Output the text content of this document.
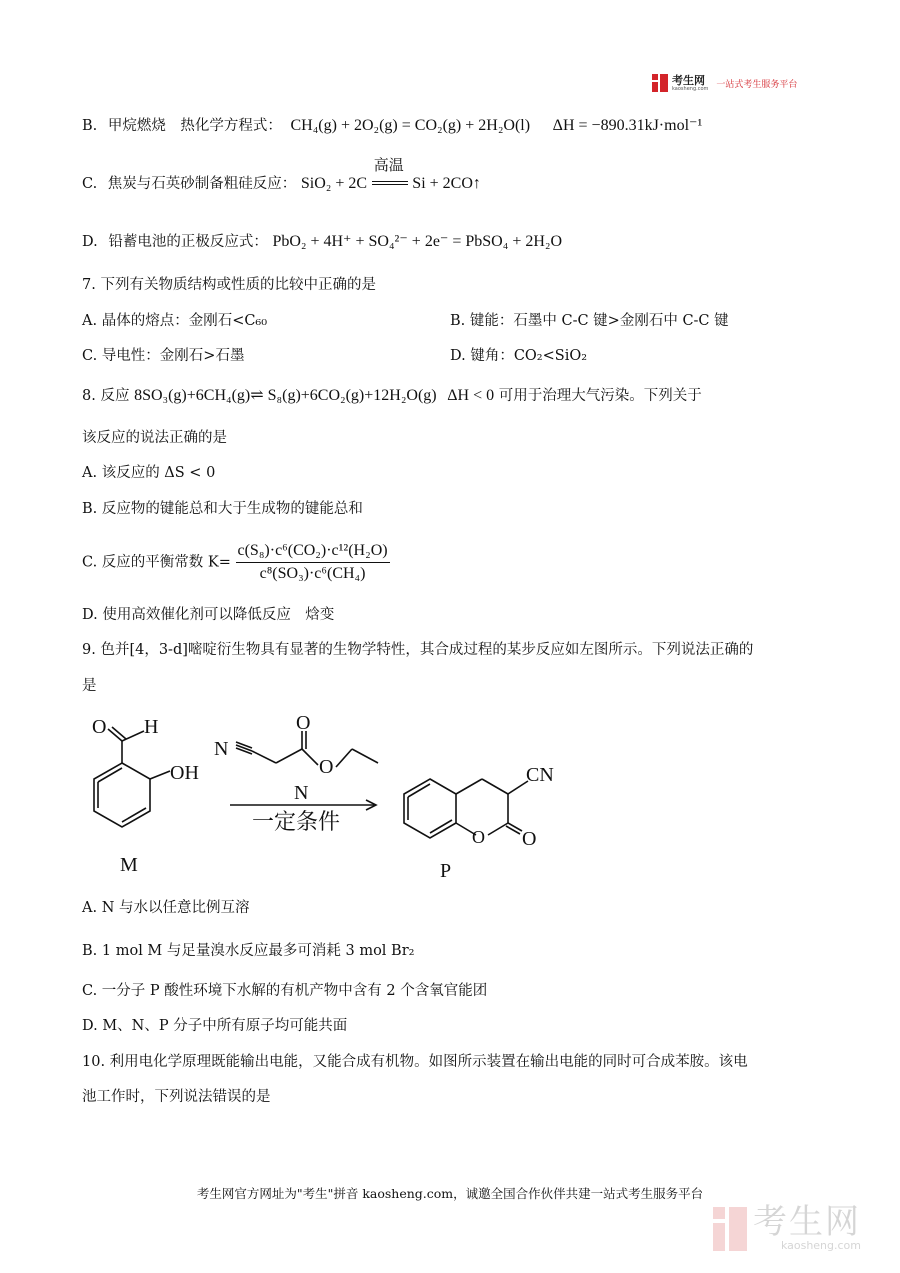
考生网
kaosheng.com 一站式考生服务平台
B. 甲烷燃烧　热化学方程式： CH₄(g) + 2O₂(g) = CO₂(g) + 2H₂O(l) ΔH = −890.31kJ·mol⁻¹
C. 焦炭与石英砂制备粗硅反应： SiO₂ + 2C
高温
Si + 2CO↑
D. 铅蓄电池的正极反应式： PbO₂ + 4H⁺ + SO₄²⁻ + 2e⁻ = PbSO₄ + 2H₂O
7. 下列有关物质结构或性质的比较中正确的是
A. 晶体的熔点：金刚石<C₆₀	B. 键能：石墨中 C-C 键>金刚石中 C-C 键
C. 导电性：金刚石>石墨	D. 键角：CO₂<SiO₂
8. 反应 8SO₃(g)+6CH₄(g)⇌ S₈(g)+6CO₂(g)+12H₂O(g) ΔH < 0 可用于治理大气污染。下列关于
该反应的说法正确的是
A. 该反应的 ΔS < 0
B. 反应物的键能总和大于生成物的键能总和
C. 反应的平衡常数 $K= \frac{\text{c(S₈)·c⁶(CO₂)·c¹²(H₂O)}}{\text{c⁸(SO₃)·c⁶(CH₄)}}$
D. 使用高效催化剂可以降低反应　焓变
9. 色并[4，3-d]嘧啶衍生物具有显著的生物学特性，其合成过程的某步反应如左图所示。下列说法正确的
是
O H
OH
N
O
O
N
一定条件
O O
CN
M	P
A. N 与水以任意比例互溶
B. 1 mol M 与足量溴水反应最多可消耗 3 mol Br₂
C. 一分子 P 酸性环境下水解的有机产物中含有 2 个含氧官能团
D. M、N、P 分子中所有原子均可能共面
10. 利用电化学原理既能输出电能，又能合成有机物。如图所示装置在输出电能的同时可合成苯胺。该电
池工作时，下列说法错误的是
考生网官方网址为"考生"拼音 kaosheng.com，诚邀全国合作伙伴共建一站式考生服务平台
考生网
kaosheng.com
